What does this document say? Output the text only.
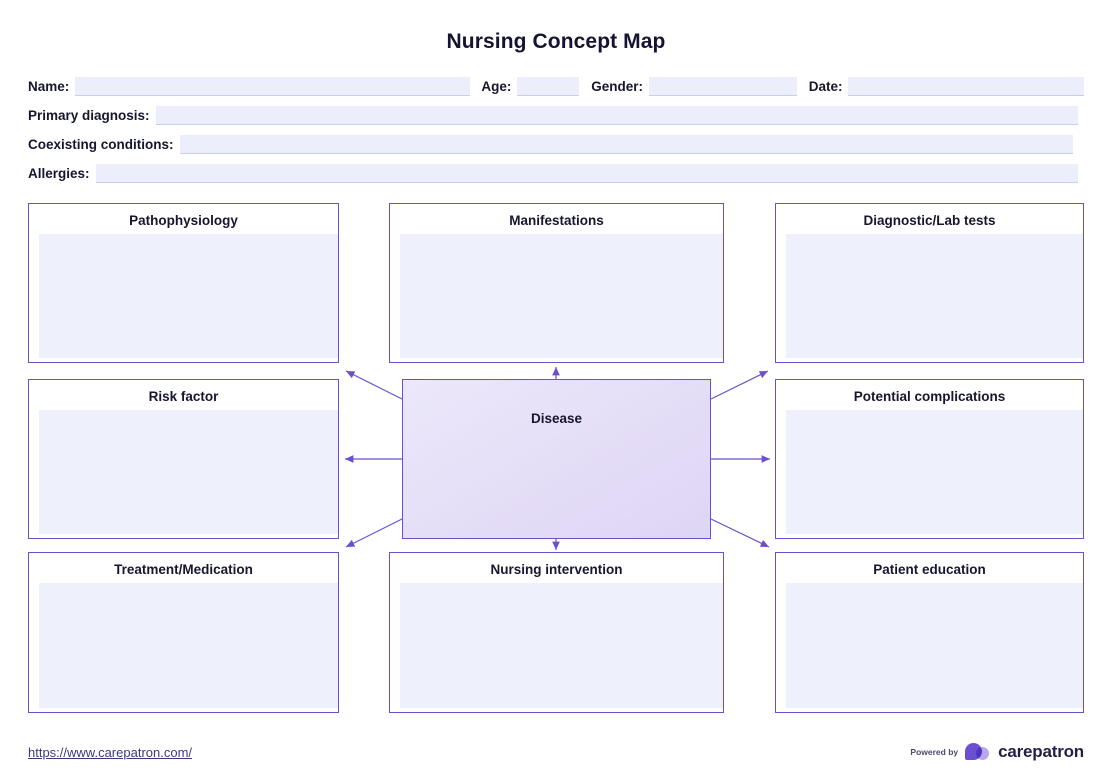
Nursing Concept Map
Name:	Age:	Gender:	Date:
Primary diagnosis:
Coexisting conditions:
Allergies:
Pathophysiology	Manifestations	Diagnostic/Lab tests
Risk factor
Disease
Potential complications
Treatment/Medication	Nursing intervention	Patient education
https://www.carepatron.com/	Powered by carepatron
